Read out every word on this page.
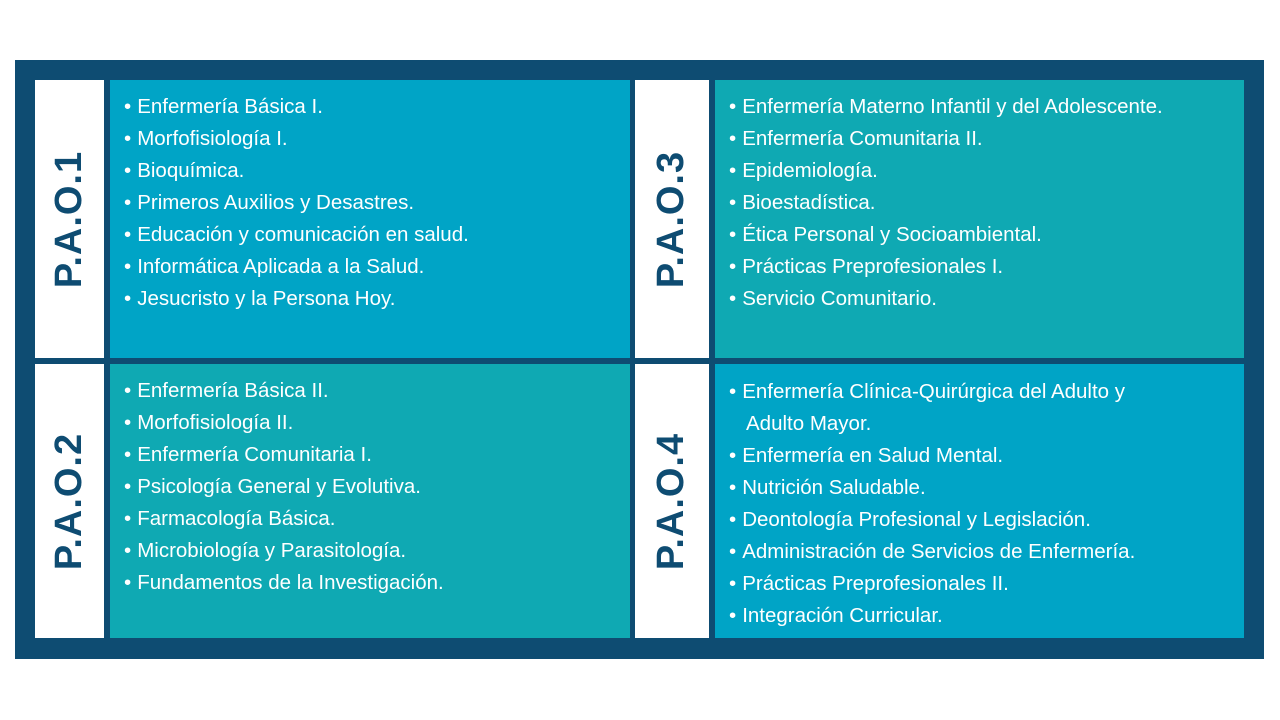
P.A.O.1
• Enfermería Básica I.
• Morfofisiología I.
• Bioquímica.
• Primeros Auxilios y Desastres.
• Educación y comunicación en salud.
• Informática Aplicada a la Salud.
• Jesucristo y la Persona Hoy.
P.A.O.2
• Enfermería Básica II.
• Morfofisiología II.
• Enfermería Comunitaria I.
• Psicología General y Evolutiva.
• Farmacología Básica.
• Microbiología y Parasitología.
• Fundamentos de la Investigación.
P.A.O.3
• Enfermería Materno Infantil y del Adolescente.
• Enfermería Comunitaria II.
• Epidemiología.
• Bioestadística.
• Ética Personal y Socioambiental.
• Prácticas Preprofesionales I.
• Servicio Comunitario.
P.A.O.4
• Enfermería Clínica-Quirúrgica del Adulto y
Adulto Mayor.
• Enfermería en Salud Mental.
• Nutrición Saludable.
• Deontología Profesional y Legislación.
• Administración de Servicios de Enfermería.
• Prácticas Preprofesionales II.
• Integración Curricular.
